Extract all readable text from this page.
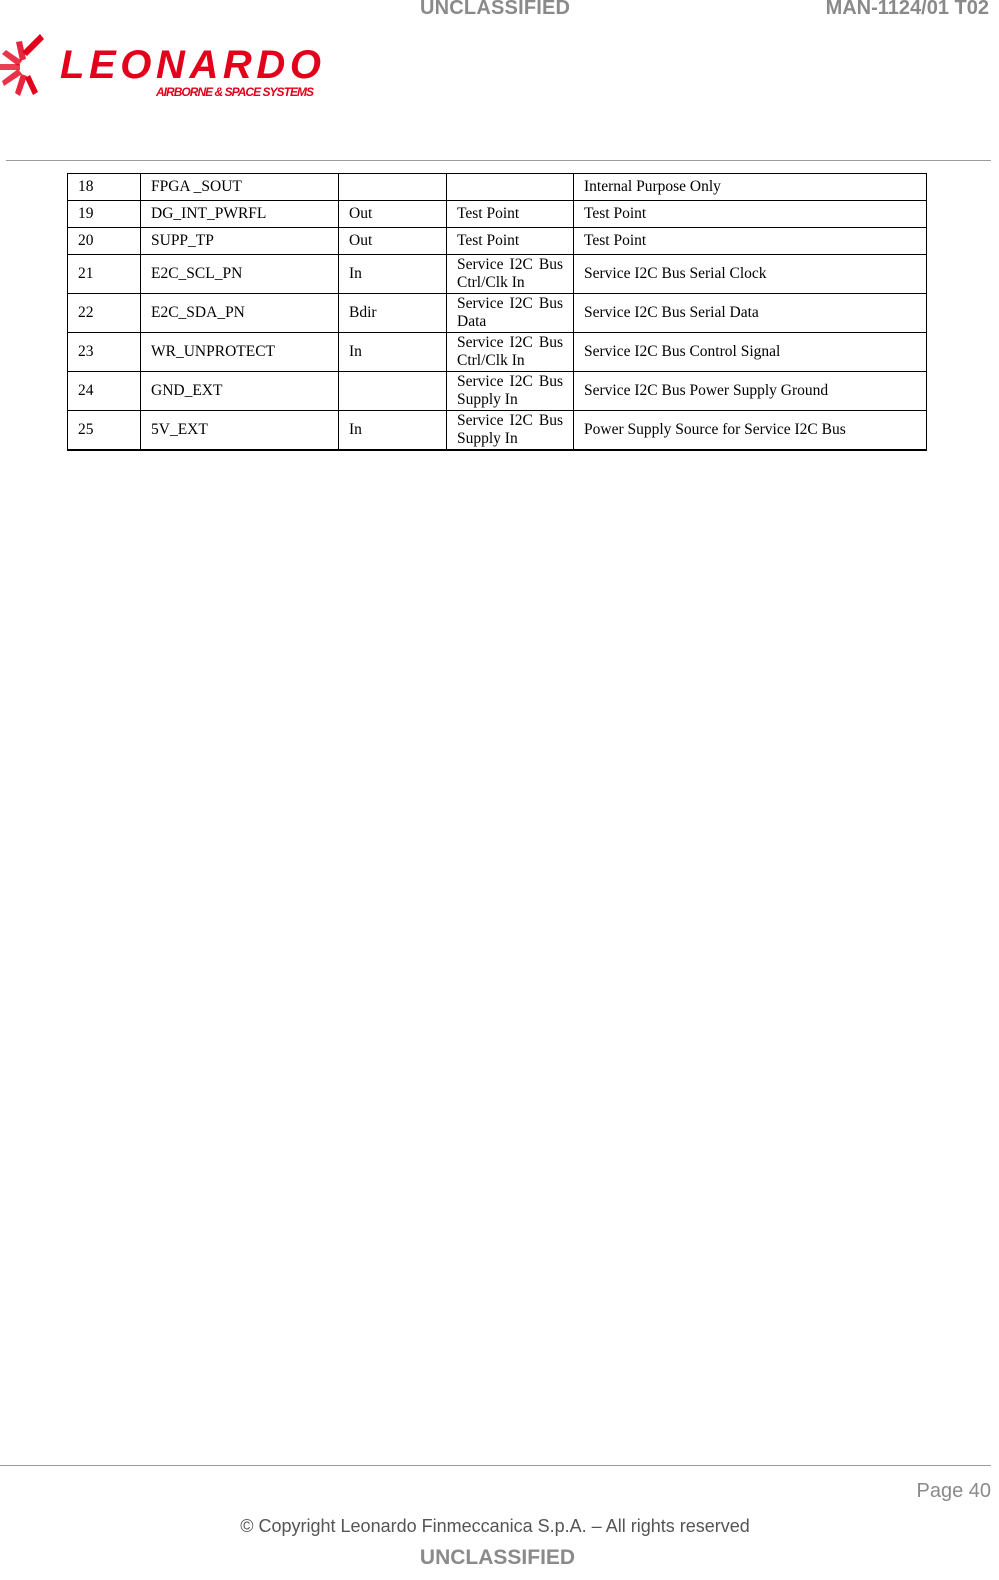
UNCLASSIFIED	MAN-1124/01 T02
LEONARDO
AIRBORNE & SPACE SYSTEMS
18	FPGA _SOUT			Internal Purpose Only
19	DG_INT_PWRFL	Out	Test Point	Test Point
20	SUPP_TP	Out	Test Point	Test Point
21	E2C_SCL_PN	In	Service I2C Bus Ctrl/Clk In	Service I2C Bus Serial Clock
22	E2C_SDA_PN	Bdir	Service I2C Bus Data	Service I2C Bus Serial Data
23	WR_UNPROTECT	In	Service I2C Bus Ctrl/Clk In	Service I2C Bus Control Signal
24	GND_EXT		Service I2C Bus Supply In	Service I2C Bus Power Supply Ground
25	5V_EXT	In	Service I2C Bus Supply In	Power Supply Source for Service I2C Bus
Page 40
© Copyright Leonardo Finmeccanica S.p.A. – All rights reserved
UNCLASSIFIED
